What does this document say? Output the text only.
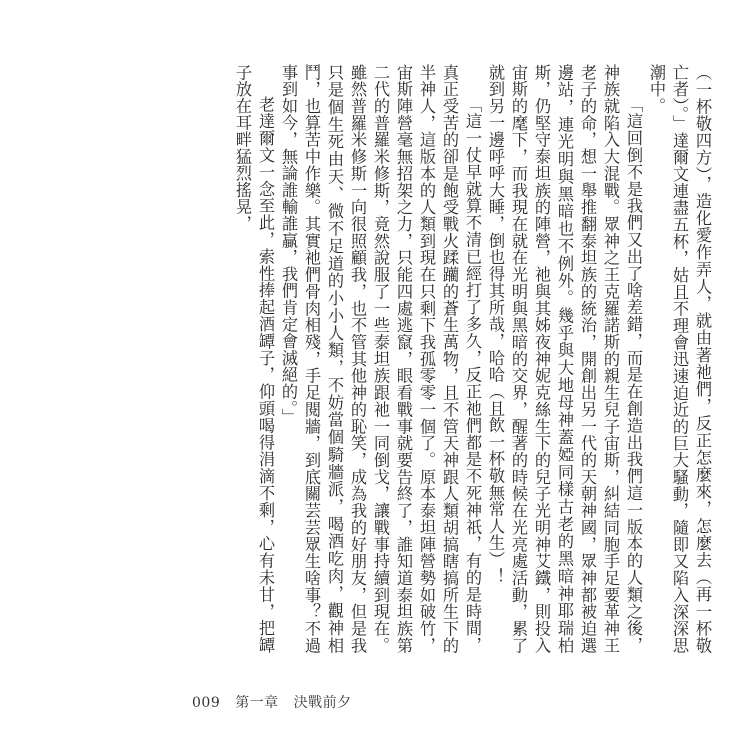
（一杯敬四方），造化愛作弄人，就由著祂們，反正怎麼來，怎麼去（再一杯敬亡者）。」達爾文連盡五杯，姑且不理會迅速迫近的巨大騷動，隨即又陷入深深思潮中。

「這回倒不是我們又出了啥差錯，而是在創造出我們這一版本的人類之後，神族就陷入大混戰。眾神之王克羅諾斯的親生兒子宙斯，糾結同胞手足要革神王老子的命，想一舉推翻泰坦族的統治，開創出另一代的天朝神國，眾神都被迫選邊站，連光明與黑暗也不例外。幾乎與大地母神蓋婭同樣古老的黑暗神耶瑞柏斯，仍堅守泰坦族的陣營，祂與其姊夜神妮克絲生下的兒子光明神艾鐵，則投入宙斯的麾下，而我現在就在光明與黑暗的交界，醒著的時候在光亮處活動，累了就到另一邊呼呼大睡，倒也得其所哉，哈哈（且飲一杯敬無常人生）！

「這一仗早就算不清已經打了多久，反正祂們都是不死神祇，有的是時間，真正受苦的卻是飽受戰火蹂躪的蒼生萬物，且不管天神跟人類胡搞瞎搞所生下的半神人，這版本的人類到現在只剩下我孤零零一個了。原本泰坦陣營勢如破竹，宙斯陣營毫無招架之力，只能四處逃竄，眼看戰事就要告終了，誰知道泰坦族第二代的普羅米修斯，竟然說服了一些泰坦族跟祂一同倒戈，讓戰事持續到現在。雖然普羅米修斯一向很照顧我，也不管其他神的恥笑，成為我的好朋友，但是我只是個生死由天、微不足道的小小人類，不妨當個騎牆派，喝酒吃肉，觀神相鬥，也算苦中作樂。其實祂們骨肉相殘，手足閱牆，到底關芸芸眾生啥事？不過事到如今，無論誰輸誰贏，我們肯定會滅絕的。」

老達爾文一念至此，索性捧起酒罈子，仰頭喝得涓滴不剩，心有未甘，把罈子放在耳畔猛烈搖晃，

009 第一章 決戰前夕
